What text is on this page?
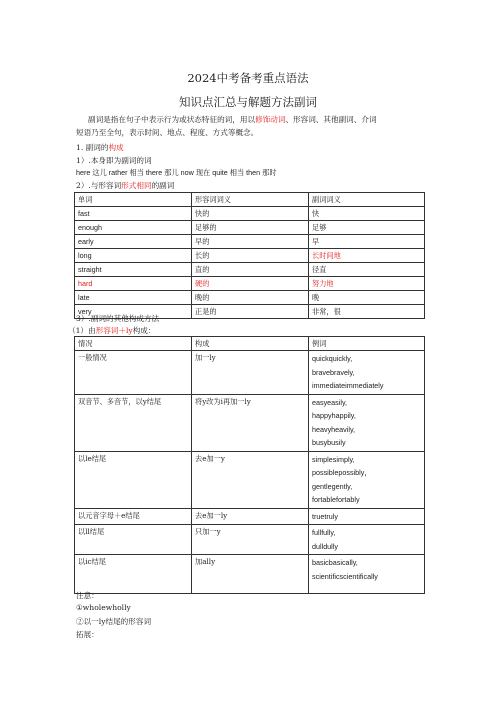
2024中考备考重点语法
知识点汇总与解题方法副词
副词是指在句子中表示行为或状态特征的词，用以修饰动词、形容词、其他副词、介词
短语乃至全句，表示时间、地点、程度、方式等概念。
1. 副词的构成
1）.本身即为副词的词
here 这儿 rather 相当 there 那儿 now 现在 quite 相当 then 那时
2）.与形容词形式相同的副词
单词	形容词词义	副词词义
fast	快的	快
enough	足够的	足够
early	早的	早
long	长的	长时间地
straight	直的	径直
hard	硬的	努力地
late	晚的	晚
very	正是的	非常，很
3）.副词的其他构成方法
（1）由形容词＋ly构成：
情况	构成	例词
一般情况	加一ly	quickquickly,
bravebravely,
immediateimmediately

双音节、多音节，以y结尾	将y改为i再加一ly	easyeasily,
happyhappily,
heavyheavily,
busybusily

以le结尾	去e加一y	simplesimply,
possiblepossibly，
gentlegently,
fortablefortably

以元音字母＋e结尾	去e加一ly	truetruly

以ll结尾	只加一y	fullfully,
dulldully

以ic结尾	加ally	basicbasically,
scientificscientifically
注意：
①wholewholly
②以一ly结尾的形容词
拓展：
